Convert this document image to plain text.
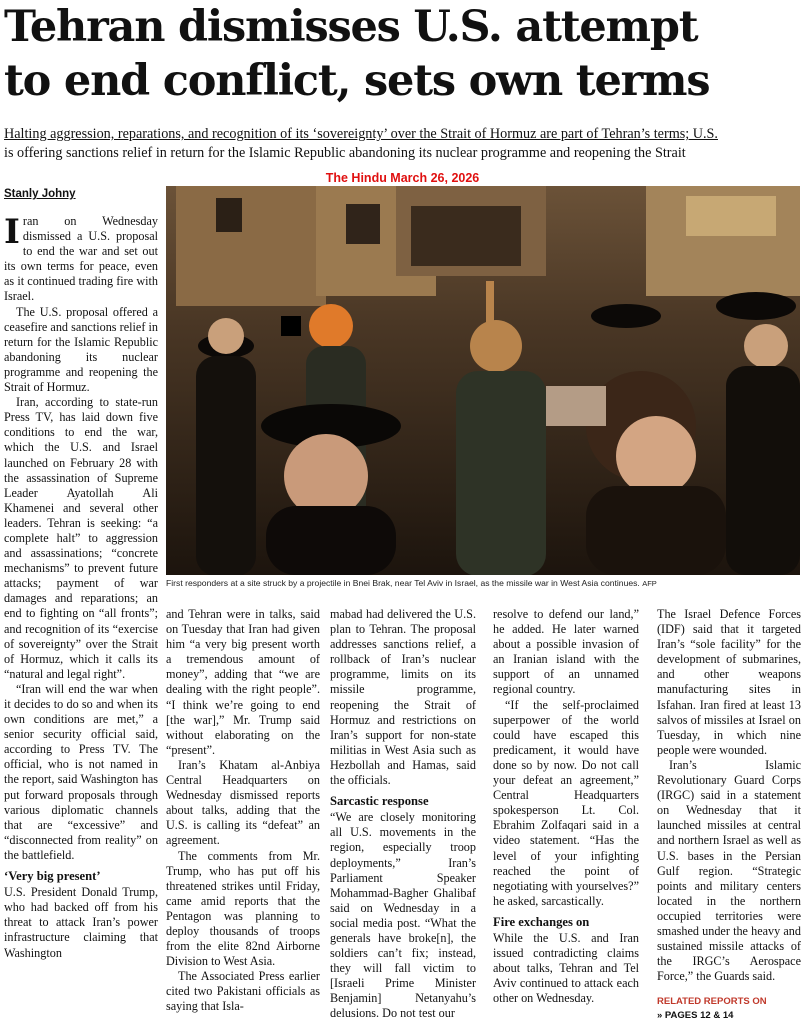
Tehran dismisses U.S. attempt
to end conflict, sets own terms
Halting aggression, reparations, and recognition of its ‘sovereignty’ over the Strait of Hormuz are part of Tehran’s terms; U.S.
is offering sanctions relief in return for the Islamic Republic abandoning its nuclear programme and reopening the Strait
The Hindu March 26, 2026
Stanly Johny

Iran on Wednesday dismissed a U.S. proposal to end the war and set out its own terms for peace, even as it continued trading fire with Israel.

The U.S. proposal offered a ceasefire and sanctions relief in return for the Islamic Republic abandoning its nuclear programme and reopening the Strait of Hormuz.

Iran, according to state-run Press TV, has laid down five conditions to end the war, which the U.S. and Israel launched on February 28 with the assassination of Supreme Leader Ayatollah Ali Khamenei and several other leaders. Tehran is seeking: “a complete halt” to aggression and assassinations; “concrete mechanisms” to prevent future attacks; payment of war damages and reparations; an end to fighting on “all fronts”; and recognition of its “exercise of sovereignty” over the Strait of Hormuz, which it calls its “natural and legal right”.

“Iran will end the war when it decides to do so and when its own conditions are met,” a senior security official said, according to Press TV. The official, who is not named in the report, said Washington has put forward proposals through various diplomatic channels that are “excessive” and “disconnected from reality” on the battlefield.

‘Very big present’

U.S. President Donald Trump, who had backed off from his threat to attack Iran’s power infrastructure claiming that Washington

First responders at a site struck by a projectile in Bnei Brak, near Tel Aviv in Israel, as the missile war in West Asia continues. AFP

and Tehran were in talks, said on Tuesday that Iran had given him “a very big present worth a tremendous amount of money”, adding that “we are dealing with the right people”. “I think we’re going to end [the war],” Mr. Trump said without elaborating on the “present”.

Iran’s Khatam al-Anbiya Central Headquarters on Wednesday dismissed reports about talks, adding that the U.S. is calling its “defeat” an agreement.

The comments from Mr. Trump, who has put off his threatened strikes until Friday, came amid reports that the Pentagon was planning to deploy thousands of troops from the elite 82nd Airborne Division to West Asia.

The Associated Press earlier cited two Pakistani officials as saying that Isla-

mabad had delivered the U.S. plan to Tehran. The proposal addresses sanctions relief, a rollback of Iran’s nuclear programme, limits on its missile programme, reopening the Strait of Hormuz and restrictions on Iran’s support for non-state militias in West Asia such as Hezbollah and Hamas, said the officials.

Sarcastic response

“We are closely monitoring all U.S. movements in the region, especially troop deployments,” Iran’s Parliament Speaker Mohammad-Bagher Ghalibaf said on Wednesday in a social media post. “What the generals have broke[n], the soldiers can’t fix; instead, they will fall victim to [Israeli Prime Minister Benjamin] Netanyahu’s delusions. Do not test our

resolve to defend our land,” he added. He later warned about a possible invasion of an Iranian island with the support of an unnamed regional country.

“If the self-proclaimed superpower of the world could have escaped this predicament, it would have done so by now. Do not call your defeat an agreement,” Central Headquarters spokesperson Lt. Col. Ebrahim Zolfaqari said in a video statement. “Has the level of your infighting reached the point of negotiating with yourselves?” he asked, sarcastically.

Fire exchanges on

While the U.S. and Iran issued contradicting claims about talks, Tehran and Tel Aviv continued to attack each other on Wednesday.

The Israel Defence Forces (IDF) said that it targeted Iran’s “sole facility” for the development of submarines, and other weapons manufacturing sites in Isfahan. Iran fired at least 13 salvos of missiles at Israel on Tuesday, in which nine people were wounded.

Iran’s Islamic Revolutionary Guard Corps (IRGC) said in a statement on Wednesday that it launched missiles at central and northern Israel as well as U.S. bases in the Persian Gulf region. “Strategic points and military centers located in the northern occupied territories were smashed under the heavy and sustained missile attacks of the IRGC’s Aerospace Force,” the Guards said.

RELATED REPORTS ON
» PAGES 12 & 14
